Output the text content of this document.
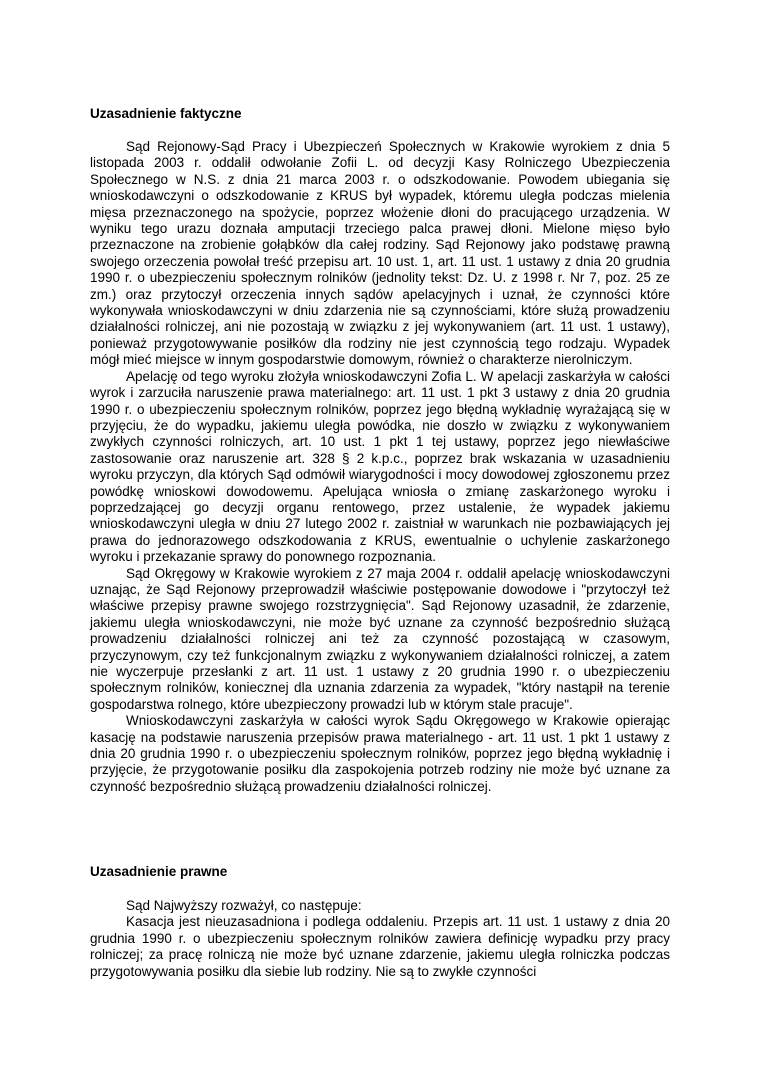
Uzasadnienie faktyczne

Sąd Rejonowy-Sąd Pracy i Ubezpieczeń Społecznych w Krakowie wyrokiem z dnia 5 listopada 2003 r. oddalił odwołanie Zofii L. od decyzji Kasy Rolniczego Ubezpieczenia Społecznego w N.S. z dnia 21 marca 2003 r. o odszkodowanie. Powodem ubiegania się wnioskodawczyni o odszkodowanie z KRUS był wypadek, któremu uległa podczas mielenia mięsa przeznaczonego na spożycie, poprzez włożenie dłoni do pracującego urządzenia. W wyniku tego urazu doznała amputacji trzeciego palca prawej dłoni. Mielone mięso było przeznaczone na zrobienie gołąbków dla całej rodziny. Sąd Rejonowy jako podstawę prawną swojego orzeczenia powołał treść przepisu art. 10 ust. 1, art. 11 ust. 1 ustawy z dnia 20 grudnia 1990 r. o ubezpieczeniu społecznym rolników (jednolity tekst: Dz. U. z 1998 r. Nr 7, poz. 25 ze zm.) oraz przytoczył orzeczenia innych sądów apelacyjnych i uznał, że czynności które wykonywała wnioskodawczyni w dniu zdarzenia nie są czynnościami, które służą prowadzeniu działalności rolniczej, ani nie pozostają w związku z jej wykonywaniem (art. 11 ust. 1 ustawy), ponieważ przygotowywanie posiłków dla rodziny nie jest czynnością tego rodzaju. Wypadek mógł mieć miejsce w innym gospodarstwie domowym, również o charakterze nierolniczym.

Apelację od tego wyroku złożyła wnioskodawczyni Zofia L. W apelacji zaskarżyła w całości wyrok i zarzuciła naruszenie prawa materialnego: art. 11 ust. 1 pkt 3 ustawy z dnia 20 grudnia 1990 r. o ubezpieczeniu społecznym rolników, poprzez jego błędną wykładnię wyrażającą się w przyjęciu, że do wypadku, jakiemu uległa powódka, nie doszło w związku z wykonywaniem zwykłych czynności rolniczych, art. 10 ust. 1 pkt 1 tej ustawy, poprzez jego niewłaściwe zastosowanie oraz naruszenie art. 328 § 2 k.p.c., poprzez brak wskazania w uzasadnieniu wyroku przyczyn, dla których Sąd odmówił wiarygodności i mocy dowodowej zgłoszonemu przez powódkę wnioskowi dowodowemu. Apelująca wniosła o zmianę zaskarżonego wyroku i poprzedzającej go decyzji organu rentowego, przez ustalenie, że wypadek jakiemu wnioskodawczyni uległa w dniu 27 lutego 2002 r. zaistniał w warunkach nie pozbawiających jej prawa do jednorazowego odszkodowania z KRUS, ewentualnie o uchylenie zaskarżonego wyroku i przekazanie sprawy do ponownego rozpoznania.

Sąd Okręgowy w Krakowie wyrokiem z 27 maja 2004 r. oddalił apelację wnioskodawczyni uznając, że Sąd Rejonowy przeprowadził właściwie postępowanie dowodowe i "przytoczył też właściwe przepisy prawne swojego rozstrzygnięcia". Sąd Rejonowy uzasadnił, że zdarzenie, jakiemu uległa wnioskodawczyni, nie może być uznane za czynność bezpośrednio służącą prowadzeniu działalności rolniczej ani też za czynność pozostającą w czasowym, przyczynowym, czy też funkcjonalnym związku z wykonywaniem działalności rolniczej, a zatem nie wyczerpuje przesłanki z art. 11 ust. 1 ustawy z 20 grudnia 1990 r. o ubezpieczeniu społecznym rolników, koniecznej dla uznania zdarzenia za wypadek, "który nastąpił na terenie gospodarstwa rolnego, które ubezpieczony prowadzi lub w którym stale pracuje".

Wnioskodawczyni zaskarżyła w całości wyrok Sądu Okręgowego w Krakowie opierając kasację na podstawie naruszenia przepisów prawa materialnego - art. 11 ust. 1 pkt 1 ustawy z dnia 20 grudnia 1990 r. o ubezpieczeniu społecznym rolników, poprzez jego błędną wykładnię i przyjęcie, że przygotowanie posiłku dla zaspokojenia potrzeb rodziny nie może być uznane za czynność bezpośrednio służącą prowadzeniu działalności rolniczej.

Uzasadnienie prawne

Sąd Najwyższy rozważył, co następuje:

Kasacja jest nieuzasadniona i podlega oddaleniu. Przepis art. 11 ust. 1 ustawy z dnia 20 grudnia 1990 r. o ubezpieczeniu społecznym rolników zawiera definicję wypadku przy pracy rolniczej; za pracę rolniczą nie może być uznane zdarzenie, jakiemu uległa rolniczka podczas przygotowywania posiłku dla siebie lub rodziny. Nie są to zwykłe czynności
